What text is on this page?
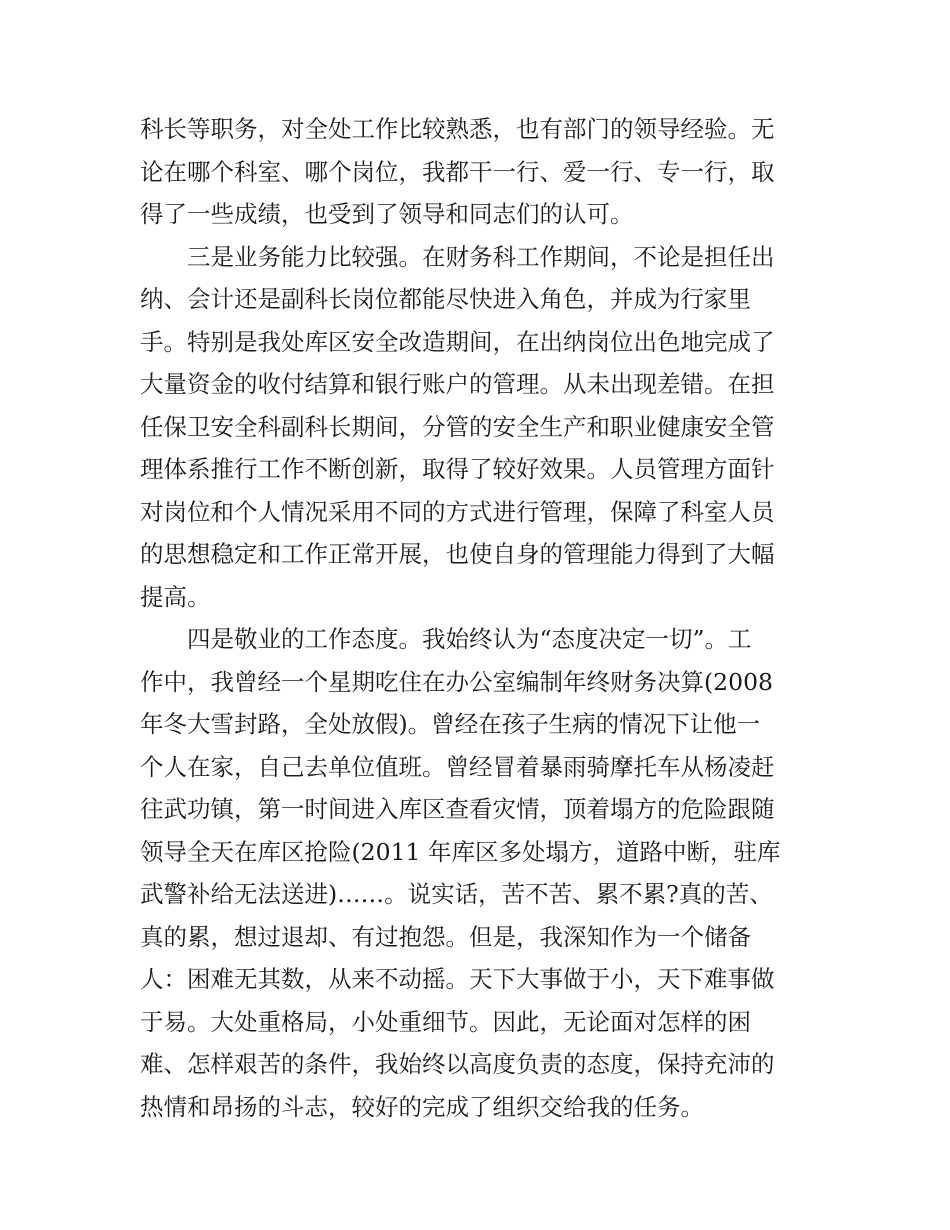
科长等职务，对全处工作比较熟悉，也有部门的领导经验。无
论在哪个科室、哪个岗位，我都干一行、爱一行、专一行，取
得了一些成绩，也受到了领导和同志们的认可。
三是业务能力比较强。在财务科工作期间，不论是担任出
纳、会计还是副科长岗位都能尽快进入角色，并成为行家里
手。特别是我处库区安全改造期间，在出纳岗位出色地完成了
大量资金的收付结算和银行账户的管理。从未出现差错。在担
任保卫安全科副科长期间，分管的安全生产和职业健康安全管
理体系推行工作不断创新，取得了较好效果。人员管理方面针
对岗位和个人情况采用不同的方式进行管理，保障了科室人员
的思想稳定和工作正常开展，也使自身的管理能力得到了大幅
提高。
四是敬业的工作态度。我始终认为“态度决定一切”。工
作中，我曾经一个星期吃住在办公室编制年终财务决算(2008
年冬大雪封路，全处放假)。曾经在孩子生病的情况下让他一
个人在家，自己去单位值班。曾经冒着暴雨骑摩托车从杨凌赶
往武功镇，第一时间进入库区查看灾情，顶着塌方的危险跟随
领导全天在库区抢险(2011 年库区多处塌方，道路中断，驻库
武警补给无法送进)……。说实话，苦不苦、累不累?真的苦、
真的累，想过退却、有过抱怨。但是，我深知作为一个储备
人：困难无其数，从来不动摇。天下大事做于小，天下难事做
于易。大处重格局，小处重细节。因此，无论面对怎样的困
难、怎样艰苦的条件，我始终以高度负责的态度，保持充沛的
热情和昂扬的斗志，较好的完成了组织交给我的任务。
